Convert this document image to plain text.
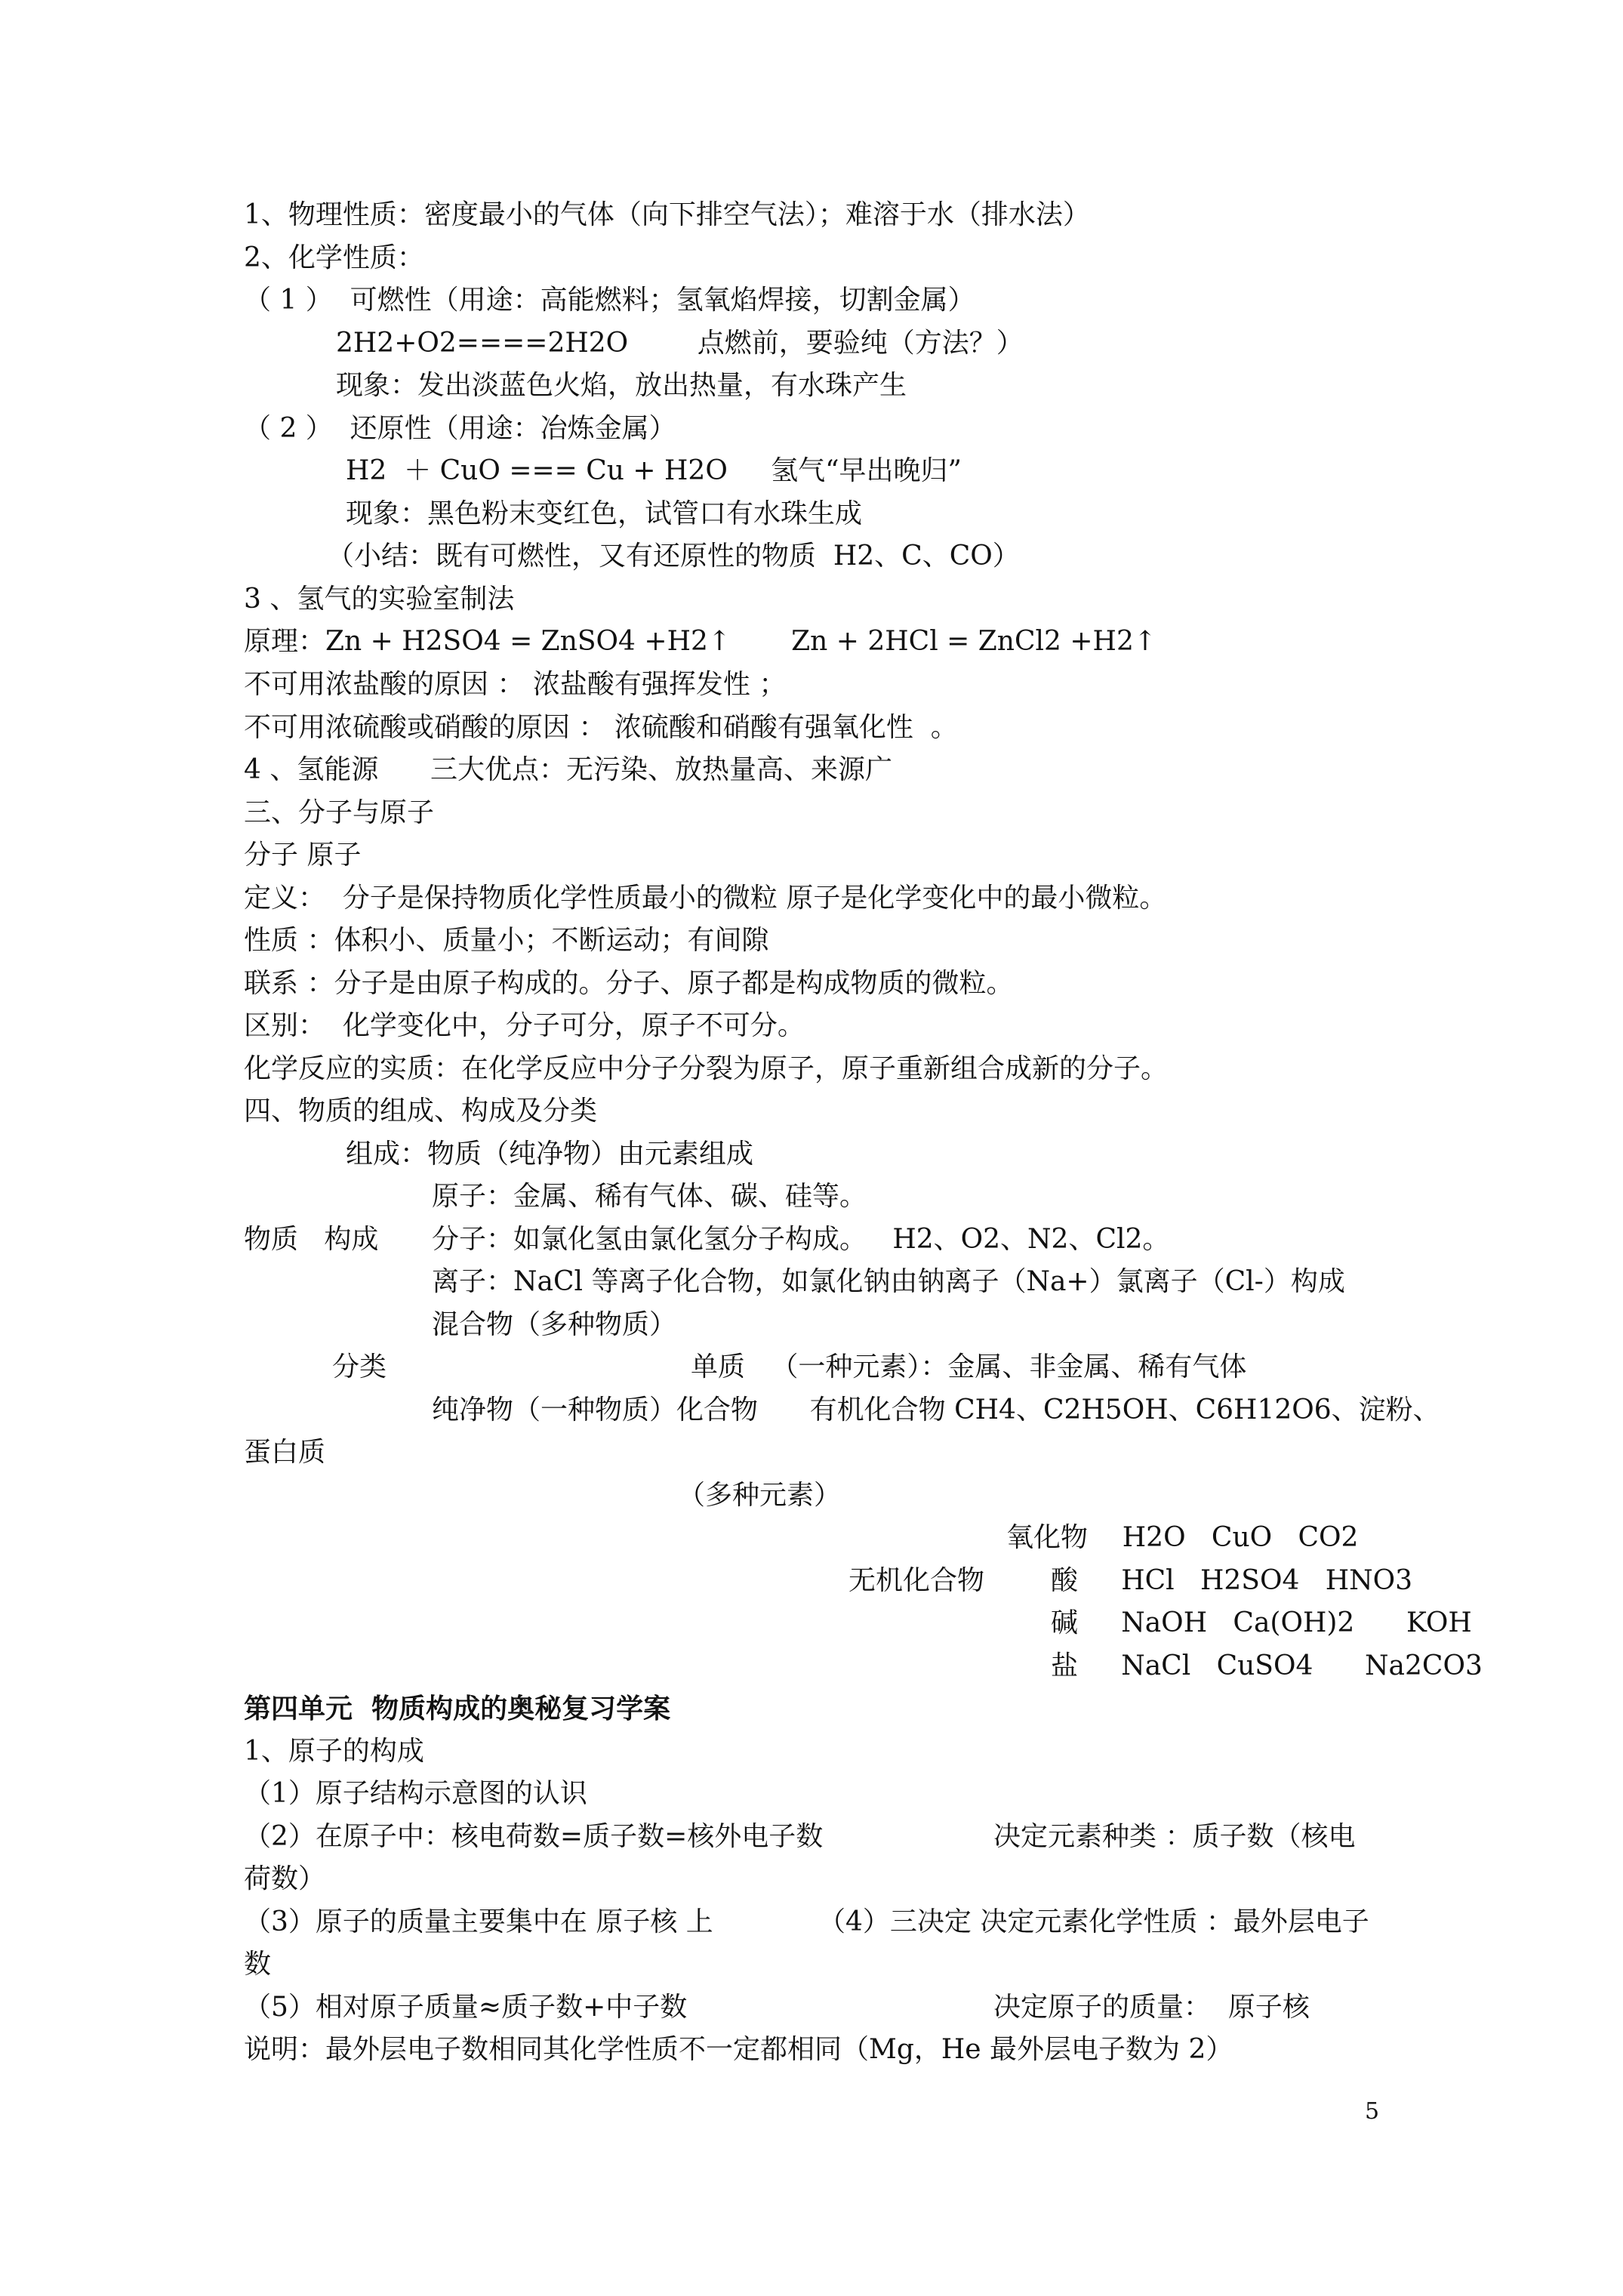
1、物理性质：密度最小的气体（向下排空气法）；难溶于水（排水法）

2、化学性质：

（ 1 ）  可燃性（用途：高能燃料；氢氧焰焊接，切割金属）

2H2+O2====2H2O        点燃前，要验纯（方法？）

现象：发出淡蓝色火焰，放出热量，有水珠产生

（ 2 ）  还原性（用途：冶炼金属）

H2  ＋ CuO === Cu + H2O     氢气“早出晚归”

现象：黑色粉末变红色，试管口有水珠生成

（小结：既有可燃性，又有还原性的物质  H2、C、CO）

3 、氢气的实验室制法

原理：Zn + H2SO4 = ZnSO4 +H2↑       Zn + 2HCl = ZnCl2 +H2↑

不可用浓盐酸的原因 ： 浓盐酸有强挥发性 ；

不可用浓硫酸或硝酸的原因 ： 浓硫酸和硝酸有强氧化性  。

4 、氢能源      三大优点：无污染、放热量高、来源广

三、分子与原子

分子 原子

定义：  分子是保持物质化学性质最小的微粒 原子是化学变化中的最小微粒。

性质 ：体积小、质量小；不断运动；有间隙

联系 ：分子是由原子构成的。分子、原子都是构成物质的微粒。

区别：  化学变化中，分子可分，原子不可分。

化学反应的实质：在化学反应中分子分裂为原子，原子重新组合成新的分子。

四、物质的组成、构成及分类

组成：物质（纯净物）由元素组成

原子：金属、稀有气体、碳、硅等。

物质   构成 分子：如氯化氢由氯化氢分子构成。   H2、O2、N2、Cl2。

离子：NaCl 等离子化合物，如氯化钠由钠离子（Na+）氯离子（Cl-）构成

混合物（多种物质）

分类	单质   （一种元素）：金属、非金属、稀有气体

纯净物（一种物质）化合物      有机化合物 CH4、C2H5OH、C6H12O6、淀粉、

蛋白质

（多种元素）

氧化物    H2O   CuO   CO2

无机化合物 酸     HCl   H2SO4   HNO3

碱     NaOH   Ca(OH)2      KOH

盐     NaCl   CuSO4      Na2CO3

第四单元  物质构成的奥秘复习学案

1、原子的构成

（1）原子结构示意图的认识

（2）在原子中：核电荷数=质子数=核外电子数	决定元素种类 ：质子数（核电

荷数）

（3）原子的质量主要集中在 原子核 上	（4）三决定 决定元素化学性质 ：最外层电子

数

（5）相对原子质量≈质子数+中子数	决定原子的质量：  原子核

说明：最外层电子数相同其化学性质不一定都相同（Mg，He 最外层电子数为 2）

5
